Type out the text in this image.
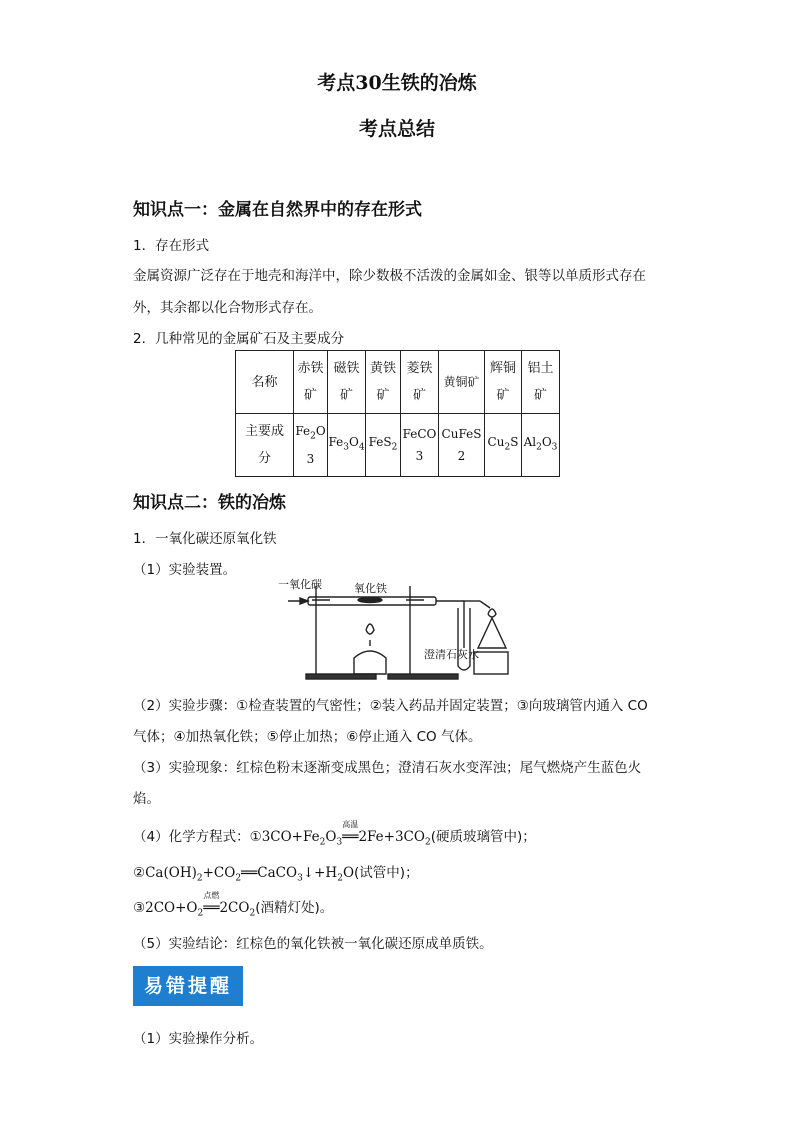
考点30生铁的冶炼
考点总结
知识点一：金属在自然界中的存在形式
1．存在形式
金属资源广泛存在于地壳和海洋中，除少数极不活泼的金属如金、银等以单质形式存在
外，其余都以化合物形式存在。
2．几种常见的金属矿石及主要成分
名称	赤铁矿	磁铁矿	黄铁矿	菱铁矿	黄铜矿	辉铜矿	铝土矿
主要成分	$Fe_2O$
3	$Fe_3O_4$	FeS$_2$	FeCO
3	CuFeS
2	$Cu_2S$	$Al_2O_3$
知识点二：铁的冶炼
1．一氧化碳还原氧化铁
（1）实验装置。
一氧化碳	氧化铁
澄清石灰水
（2）实验步骤：①检查装置的气密性；②装入药品并固定装置；③向玻璃管内通入 CO
气体；④加热氧化铁；⑤停止加热；⑥停止通入 CO 气体。
（3）实验现象：红棕色粉末逐渐变成黑色；澄清石灰水变浑浊；尾气燃烧产生蓝色火
焰。
（4）化学方程式：$①3CO+Fe_2O_3$
高温
$══2Fe+3CO_2$(硬质玻璃管中)；
$②Ca(OH)_2+CO_2══CaCO_3↓+H_2O$(试管中)；
$③2CO+O_2$
点燃
$══2CO_2$(酒精灯处)。
（5）实验结论：红棕色的氧化铁被一氧化碳还原成单质铁。
易错提醒
（1）实验操作分析。
